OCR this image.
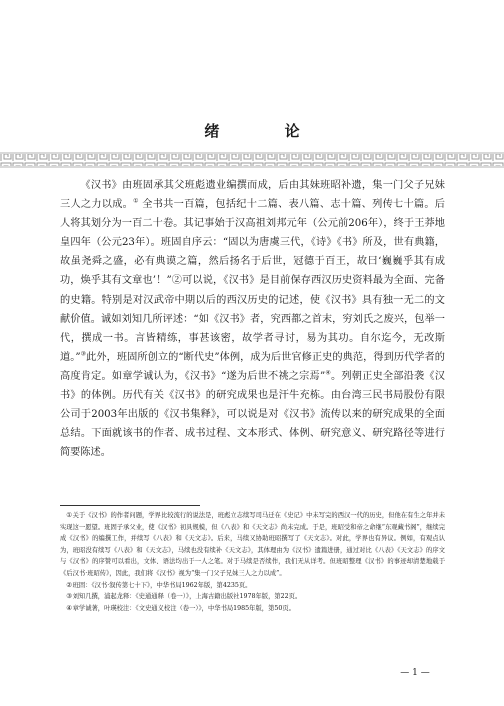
绪 论

《汉书》由班固承其父班彪遗业编撰而成，后由其妹班昭补遗，集一门父子兄妹三人之力以成。① 全书共一百篇，包括纪十二篇、表八篇、志十篇、列传七十篇。后人将其划分为一百二十卷。其记事始于汉高祖刘邦元年（公元前206年），终于王莽地皇四年（公元23年）。班固自序云：“固以为唐虞三代，《诗》《书》所及，世有典籍，故虽尧舜之盛，必有典谟之篇，然后扬名于后世，冠德于百王，故曰‘巍巍乎其有成功，焕乎其有文章也’！”②可以说，《汉书》是目前保存西汉历史资料最为全面、完备的史籍。特别是对汉武帝中期以后的西汉历史的记述，使《汉书》具有独一无二的文献价值。诚如刘知几所评述：“如《汉书》者，究西都之首末，穷刘氏之废兴，包举一代，撰成一书。言皆精练，事甚该密，故学者寻讨，易为其功。自尔迄今，无改斯道。”③此外，班固所创立的“断代史”体例，成为后世官修正史的典范，得到历代学者的高度肯定。如章学诚认为，《汉书》“遂为后世不祧之宗焉”④。列朝正史全部沿袭《汉书》的体例。历代有关《汉书》的研究成果也是汗牛充栋。由台湾三民书局股份有限公司于2003年出版的《汉书集释》，可以说是对《汉书》流传以来的研究成果的全面总结。下面就该书的作者、成书过程、文本形式、体例、研究意义、研究路径等进行简要陈述。

①关于《汉书》的作者问题，学界比较流行的说法是，班彪立志续写司马迁在《史记》中未写完的西汉一代的历史，但他在有生之年并未实现这一愿望。班固子承父业，使《汉书》初具规模，但《八表》和《天文志》尚未完成。于是，班昭受和帝之命继“东观藏书阁”，继续完成《汉书》的编撰工作，并续写《八表》和《天文志》。后来，马续又协助班昭撰写了《天文志》。对此，学界也有异议。例如，有观点认为，班昭没有续写《八表》和《天文志》，马续也没有续补《天文志》，其体理由为《汉书》遗篇进册，通过对比《八表》《天文志》的序文与《汉书》的序赞可以看出，文体、语法均出于一人之笔。对于马续是否续作，我们无从详考。但班昭整理《汉书》的事迹却清楚地载于《后汉书·班昭传》，因此，我们将《汉书》视为“集一门父子兄妹三人之力以成”。

②班固：《汉书·叙传第七十下》，中华书局1962年版，第4235页。

③刘知几撰，浦起龙释：《史通通释（卷一）》，上海古籍出版社1978年版，第22页。

④章学诚著，叶瑛校注：《文史通义校注（卷一）》，中华书局1985年版，第50页。

— 1 —
